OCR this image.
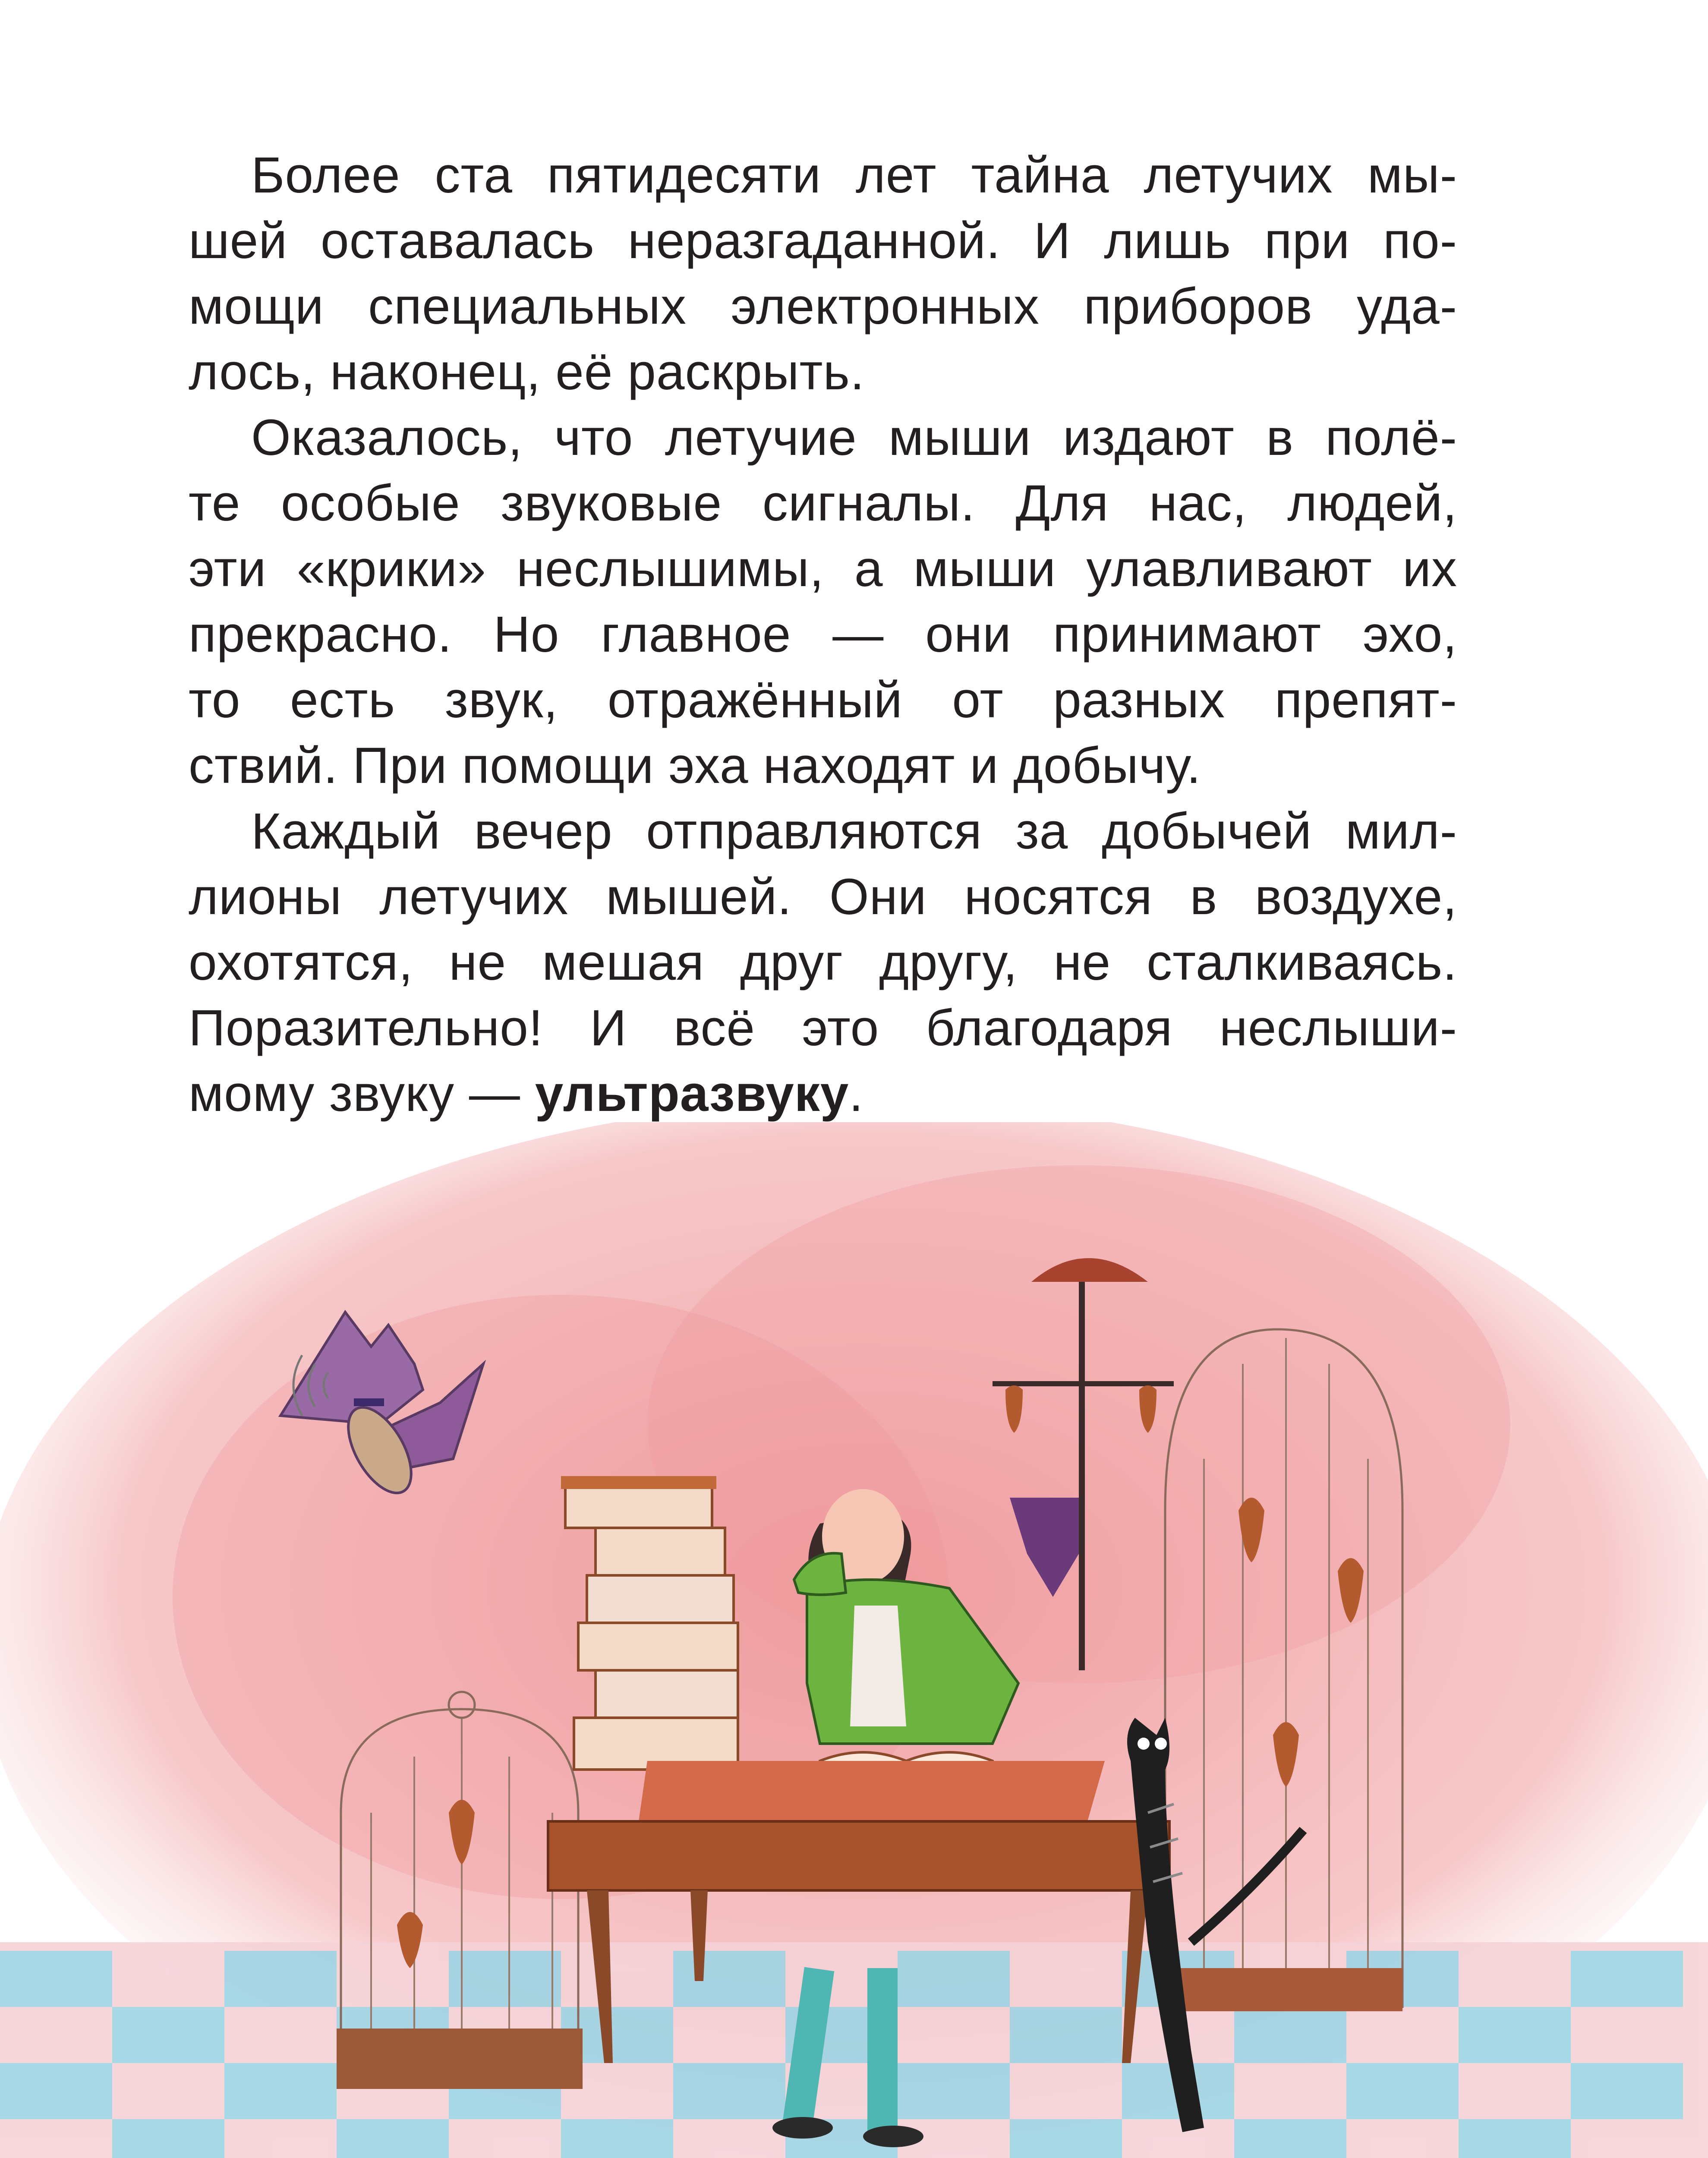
Более ста пятидесяти лет тайна летучих мы-
шей оставалась неразгаданной. И лишь при по-
мощи специальных электронных приборов уда-
лось, наконец, её раскрыть.

Оказалось, что летучие мыши издают в полё-
те особые звуковые сигналы. Для нас, людей,
эти «крики» неслышимы, а мыши улавливают их
прекрасно. Но главное — они принимают эхо,
то есть звук, отражённый от разных препят-
ствий. При помощи эха находят и добычу.

Каждый вечер отправляются за добычей мил-
лионы летучих мышей. Они носятся в воздухе,
охотятся, не мешая друг другу, не сталкиваясь.
Поразительно! И всё это благодаря неслыши-
мому звуку — ультразвуку.
